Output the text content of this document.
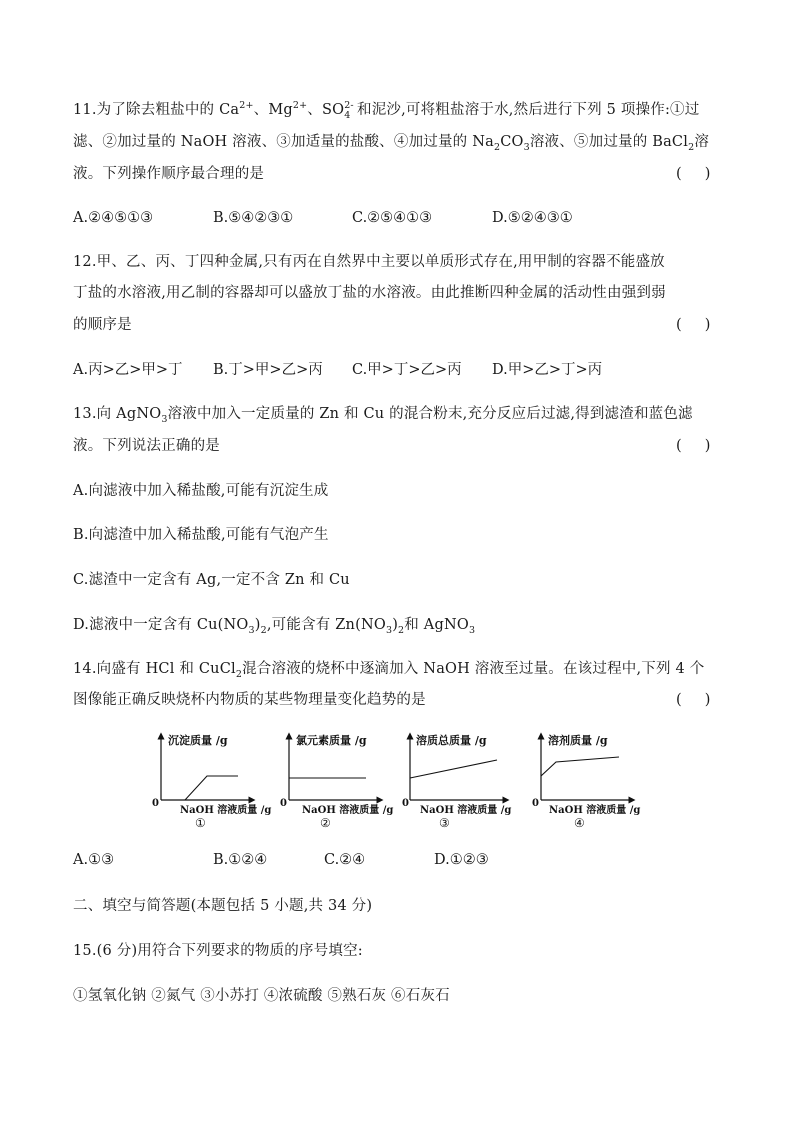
11.为了除去粗盐中的 $Ca^{2+}$、$Mg^{2+}$、SO 2-
4 和泥沙,可将粗盐溶于水,然后进行下列 5 项操作:①过
滤、②加过量的 NaOH 溶液、③加适量的盐酸、④加过量的 $Na_2CO_3$溶液、⑤加过量的 BaCl$_2$溶
液。下列操作顺序最合理的是	(     )
A.②④⑤①③	B.⑤④②③①	C.②⑤④①③	D.⑤②④③①
12.甲、乙、丙、丁四种金属,只有丙在自然界中主要以单质形式存在,用甲制的容器不能盛放
丁盐的水溶液,用乙制的容器却可以盛放丁盐的水溶液。由此推断四种金属的活动性由强到弱
的顺序是	(     )
A.丙>乙>甲>丁 B.丁>甲>乙>丙 C.甲>丁>乙>丙 D.甲>乙>丁>丙
13.向 AgNO$_3$溶液中加入一定质量的 Zn 和 Cu 的混合粉末,充分反应后过滤,得到滤渣和蓝色滤
液。下列说法正确的是	(     )
A.向滤液中加入稀盐酸,可能有沉淀生成
B.向滤渣中加入稀盐酸,可能有气泡产生
C.滤渣中一定含有 Ag,一定不含 Zn 和 Cu
D.滤液中一定含有 $Cu(NO_3)_2$,可能含有 $Zn(NO_3)_2$和 AgNO$_3$
14.向盛有 HCl 和 CuCl$_2$混合溶液的烧杯中逐滴加入 NaOH 溶液至过量。在该过程中,下列 4 个
图像能正确反映烧杯内物质的某些物理量变化趋势的是	(     )
沉淀质量 /g
0
NaOH 溶液质量 /g
①
氯元素质量 /g
0
NaOH 溶液质量 /g
②
溶质总质量 /g
0
NaOH 溶液质量 /g
③
溶剂质量 /g
0
NaOH 溶液质量 /g
④
A.①③	B.①②④	C.②④	D.①②③
二、填空与简答题(本题包括 5 小题,共 34 分)
15.(6 分)用符合下列要求的物质的序号填空:
①氢氧化钠 ②氮气 ③小苏打 ④浓硫酸 ⑤熟石灰 ⑥石灰石
